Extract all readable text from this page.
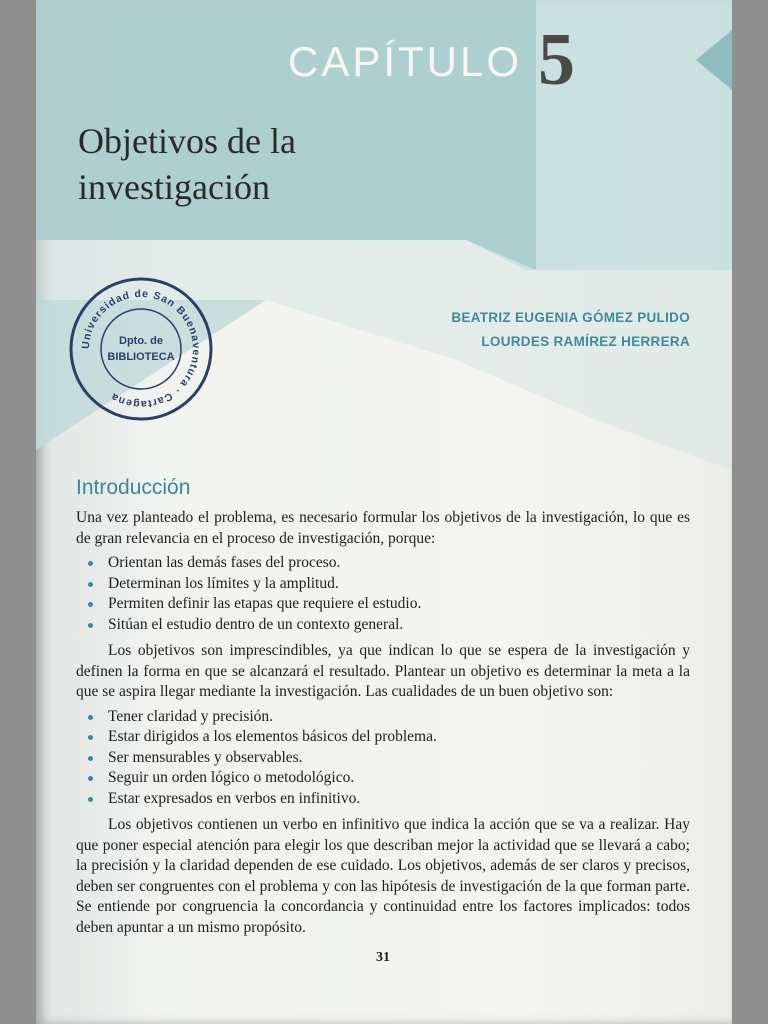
CAPÍTULO 5
Objetivos de la
investigación
BEATRIZ EUGENIA GÓMEZ PULIDO
LOURDES RAMÍREZ HERRERA
Universidad de San Buenaventura · Cartagena
Dpto. de
BIBLIOTECA
Introducción

Una vez planteado el problema, es necesario formular los objetivos de la investigación, lo que es de gran relevancia en el proceso de investigación, porque:

Orientan las demás fases del proceso.
Determinan los límites y la amplitud.
Permiten definir las etapas que requiere el estudio.
Sitúan el estudio dentro de un contexto general.

Los objetivos son imprescindibles, ya que indican lo que se espera de la investigación y definen la forma en que se alcanzará el resultado. Plantear un objetivo es determinar la meta a la que se aspira llegar mediante la investigación. Las cualidades de un buen objetivo son:

Tener claridad y precisión.
Estar dirigidos a los elementos básicos del problema.
Ser mensurables y observables.
Seguir un orden lógico o metodológico.
Estar expresados en verbos en infinitivo.

Los objetivos contienen un verbo en infinitivo que indica la acción que se va a realizar. Hay que poner especial atención para elegir los que describan mejor la actividad que se llevará a cabo; la precisión y la claridad dependen de ese cuidado. Los objetivos, además de ser claros y precisos, deben ser congruentes con el problema y con las hipótesis de investigación de la que forman parte. Se entiende por congruencia la concordancia y continuidad entre los factores implicados: todos deben apuntar a un mismo propósito.

31
